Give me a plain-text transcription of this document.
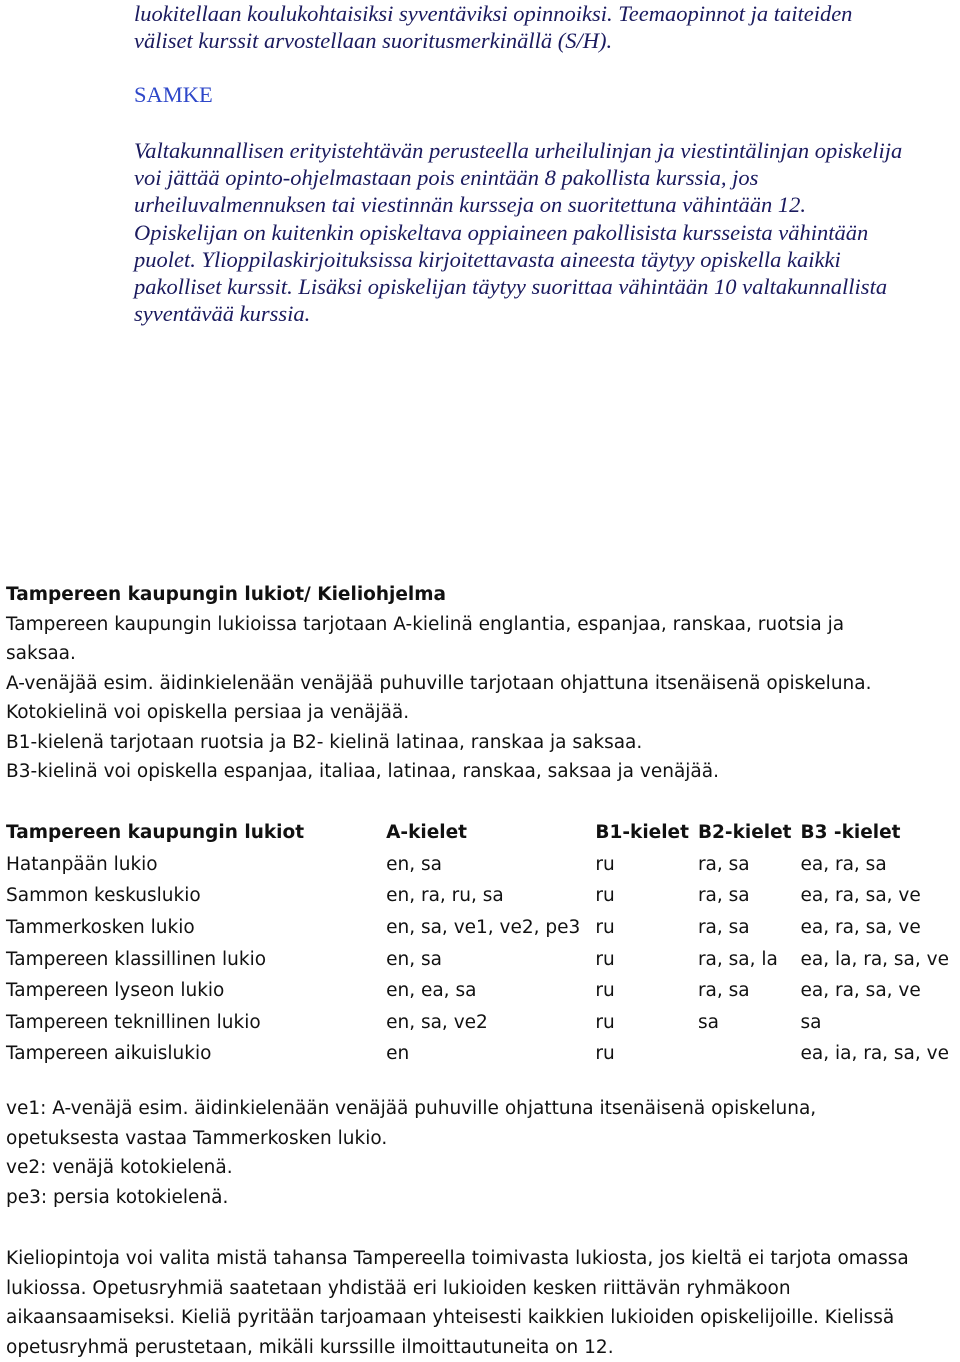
luokitellaan koulukohtaisiksi syventäviksi opinnoiksi. Teemaopinnot ja taiteiden

väliset kurssit arvostellaan suoritusmerkinällä (S/H).

SAMKE

Valtakunnallisen erityistehtävän perusteella urheilulinjan ja viestintälinjan opiskelija

voi jättää opinto-ohjelmastaan pois enintään 8 pakollista kurssia, jos

urheiluvalmennuksen tai viestinnän kursseja on suoritettuna vähintään 12.

Opiskelijan on kuitenkin opiskeltava oppiaineen pakollisista kursseista vähintään

puolet. Ylioppilaskirjoituksissa kirjoitettavasta aineesta täytyy opiskella kaikki

pakolliset kurssit. Lisäksi opiskelijan täytyy suorittaa vähintään 10 valtakunnallista

syventävää kurssia.

Tampereen kaupungin lukiot/ Kieliohjelma

Tampereen kaupungin lukioissa tarjotaan A-kielinä englantia, espanjaa, ranskaa, ruotsia ja

saksaa.

A-venäjää esim. äidinkielenään venäjää puhuville tarjotaan ohjattuna itsenäisenä opiskeluna.

Kotokielinä voi opiskella persiaa ja venäjää.

B1-kielenä tarjotaan ruotsia ja B2- kielinä latinaa, ranskaa ja saksaa.

B3-kielinä voi opiskella espanjaa, italiaa, latinaa, ranskaa, saksaa ja venäjää.

Tampereen kaupungin lukiot	A-kielet	B1-kielet	B2-kielet	B3 -kielet
Hatanpään lukio	en, sa	ru	ra, sa	ea, ra, sa
Sammon keskuslukio	en, ra, ru, sa	ru	ra, sa	ea, ra, sa, ve
Tammerkosken lukio	en, sa, ve1, ve2, pe3	ru	ra, sa	ea, ra, sa, ve
Tampereen klassillinen lukio	en, sa	ru	ra, sa, la	ea, la, ra, sa, ve
Tampereen lyseon lukio	en, ea, sa	ru	ra, sa	ea, ra, sa, ve
Tampereen teknillinen lukio	en, sa, ve2	ru	sa	sa
Tampereen aikuislukio	en	ru		ea, ia, ra, sa, ve

ve1: A-venäjä esim. äidinkielenään venäjää puhuville ohjattuna itsenäisenä opiskeluna,

opetuksesta vastaa Tammerkosken lukio.

ve2: venäjä kotokielenä.

pe3: persia kotokielenä.

Kieliopintoja voi valita mistä tahansa Tampereella toimivasta lukiosta, jos kieltä ei tarjota omassa

lukiossa. Opetusryhmiä saatetaan yhdistää eri lukioiden kesken riittävän ryhmäkoon

aikaansaamiseksi. Kieliä pyritään tarjoamaan yhteisesti kaikkien lukioiden opiskelijoille. Kielissä

opetusryhmä perustetaan, mikäli kurssille ilmoittautuneita on 12.
